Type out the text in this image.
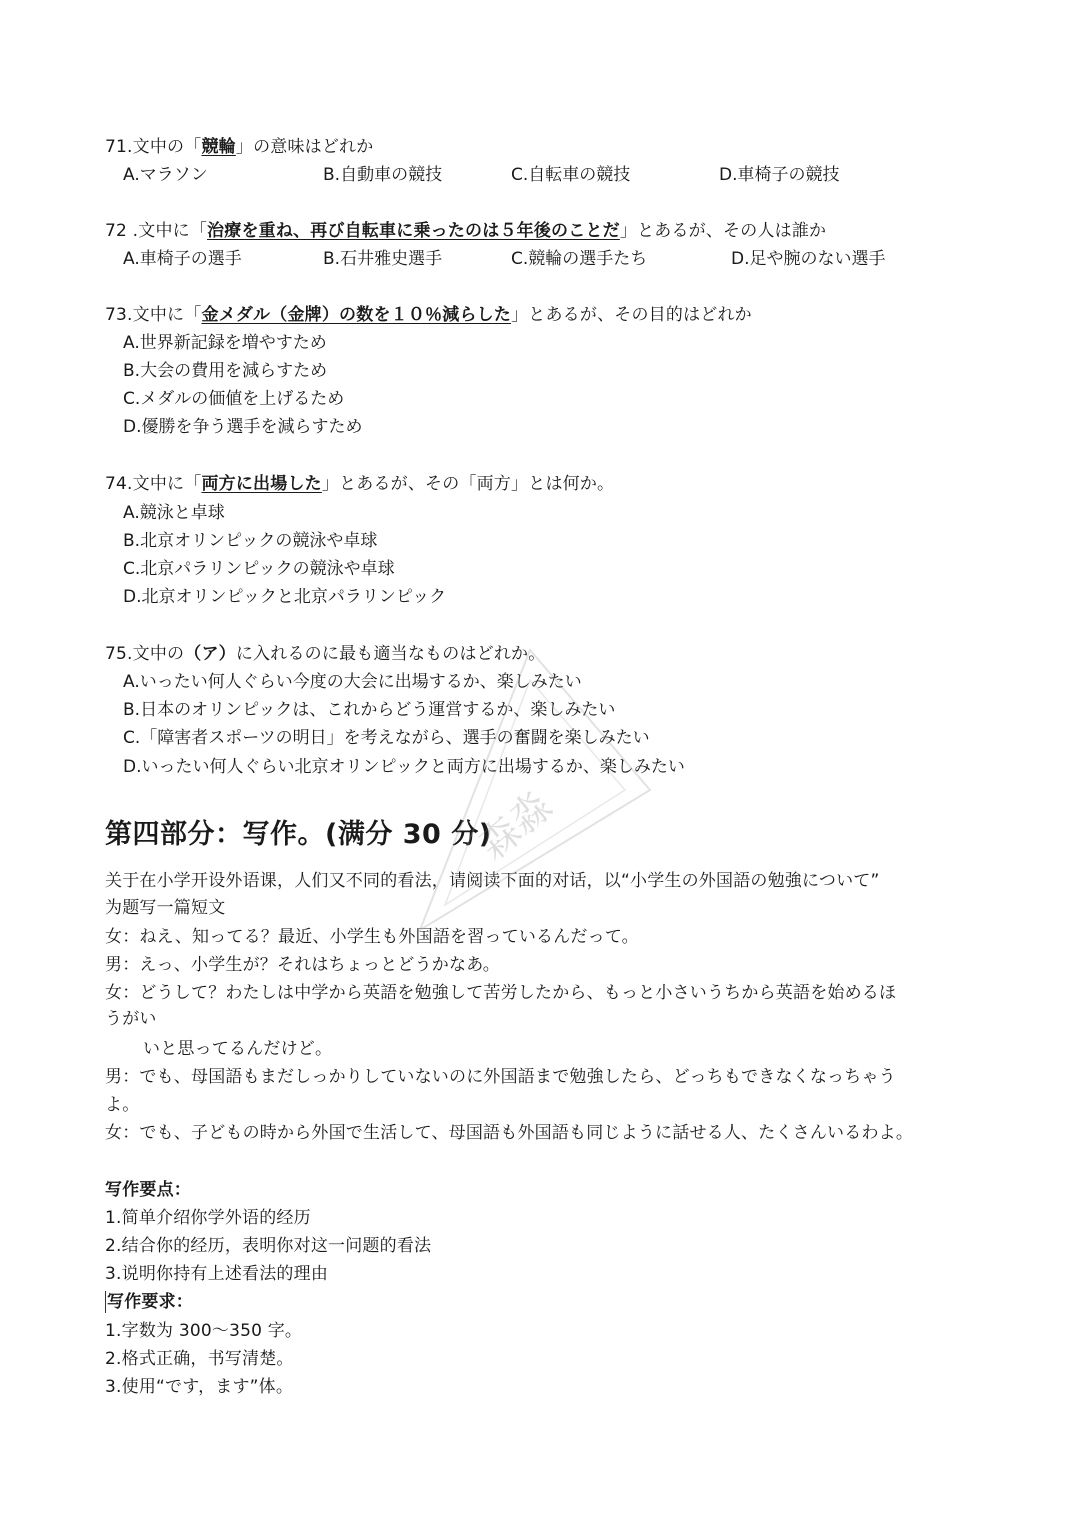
71.文中の「競輪」の意味はどれか
A.マラソン	B.自動車の競技	C.自転車の競技	D.車椅子の競技
72 .文中に「治療を重ね、再び自転車に乗ったのは５年後のことだ」とあるが、その人は誰か
A.車椅子の選手	B.石井雅史選手	C.競輪の選手たち	D.足や腕のない選手
73.文中に「金メダル（金牌）の数を１０％減らした」とあるが、その目的はどれか
A.世界新記録を増やすため
B.大会の費用を減らすため
C.メダルの価値を上げるため
D.優勝を争う選手を減らすため
74.文中に「両方に出場した」とあるが、その「両方」とは何か。
A.競泳と卓球
B.北京オリンピックの競泳や卓球
C.北京パラリンピックの競泳や卓球
D.北京オリンピックと北京パラリンピック
75.文中の（ア）に入れるのに最も適当なものはどれか。
A.いったい何人ぐらい今度の大会に出場するか、楽しみたい
B.日本のオリンピックは、これからどう運営するか、楽しみたい
C.「障害者スポーツの明日」を考えながら、選手の奮闘を楽しみたい
D.いったい何人ぐらい北京オリンピックと両方に出場するか、楽しみたい
第四部分：写作。(满分 30 分)
关于在小学开设外语课，人们又不同的看法，请阅读下面的对话，以“小学生の外国語の勉強について”
为题写一篇短文
女：ねえ、知ってる？最近、小学生も外国語を習っているんだって。
男：えっ、小学生が？それはちょっとどうかなあ。
女：どうして？わたしは中学から英語を勉強して苦労したから、もっと小さいうちから英語を始めるほ
うがい
いと思ってるんだけど。
男：でも、母国語もまだしっかりしていないのに外国語まで勉強したら、どっちもできなくなっちゃう
よ。
女：でも、子どもの時から外国で生活して、母国語も外国語も同じように話せる人、たくさんいるわよ。
写作要点：
1.简单介绍你学外语的经历
2.结合你的经历，表明你对这一问题的看法
3.说明你持有上述看法的理由
写作要求：
1.字数为 300～350 字。
2.格式正确，书写清楚。
3.使用“です，ます”体。
森淼
